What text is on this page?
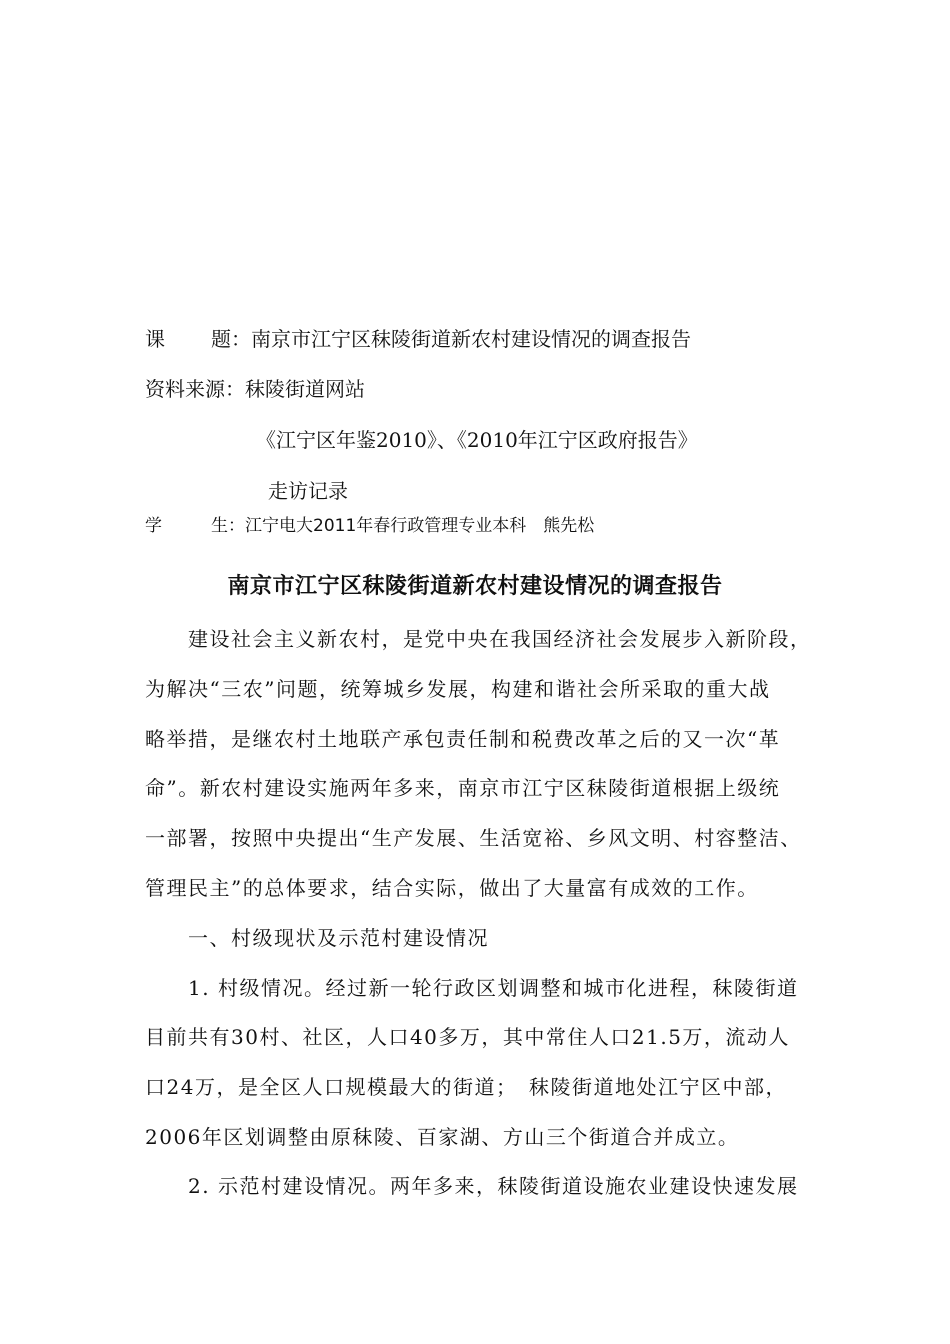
课 题：南京市江宁区秣陵街道新农村建设情况的调查报告
资料来源：秣陵街道网站
《江宁区年鉴2010》、《2010年江宁区政府报告》
走访记录
学	生：江宁电大2011年春行政管理专业本科　熊先松
南京市江宁区秣陵街道新农村建设情况的调查报告
　　建设社会主义新农村，是党中央在我国经济社会发展步入新阶段，
为解决“三农”问题，统筹城乡发展，构建和谐社会所采取的重大战
略举措，是继农村土地联产承包责任制和税费改革之后的又一次“革
命”。新农村建设实施两年多来，南京市江宁区秣陵街道根据上级统
一部署，按照中央提出“生产发展、生活宽裕、乡风文明、村容整洁、
管理民主”的总体要求，结合实际，做出了大量富有成效的工作。
　　一、村级现状及示范村建设情况
　　1. 村级情况。经过新一轮行政区划调整和城市化进程，秣陵街道
目前共有30村、社区，人口40多万，其中常住人口21.5万，流动人
口24万，是全区人口规模最大的街道；　秣陵街道地处江宁区中部，
2006年区划调整由原秣陵、百家湖、方山三个街道合并成立。
　　2. 示范村建设情况。两年多来，秣陵街道设施农业建设快速发展
